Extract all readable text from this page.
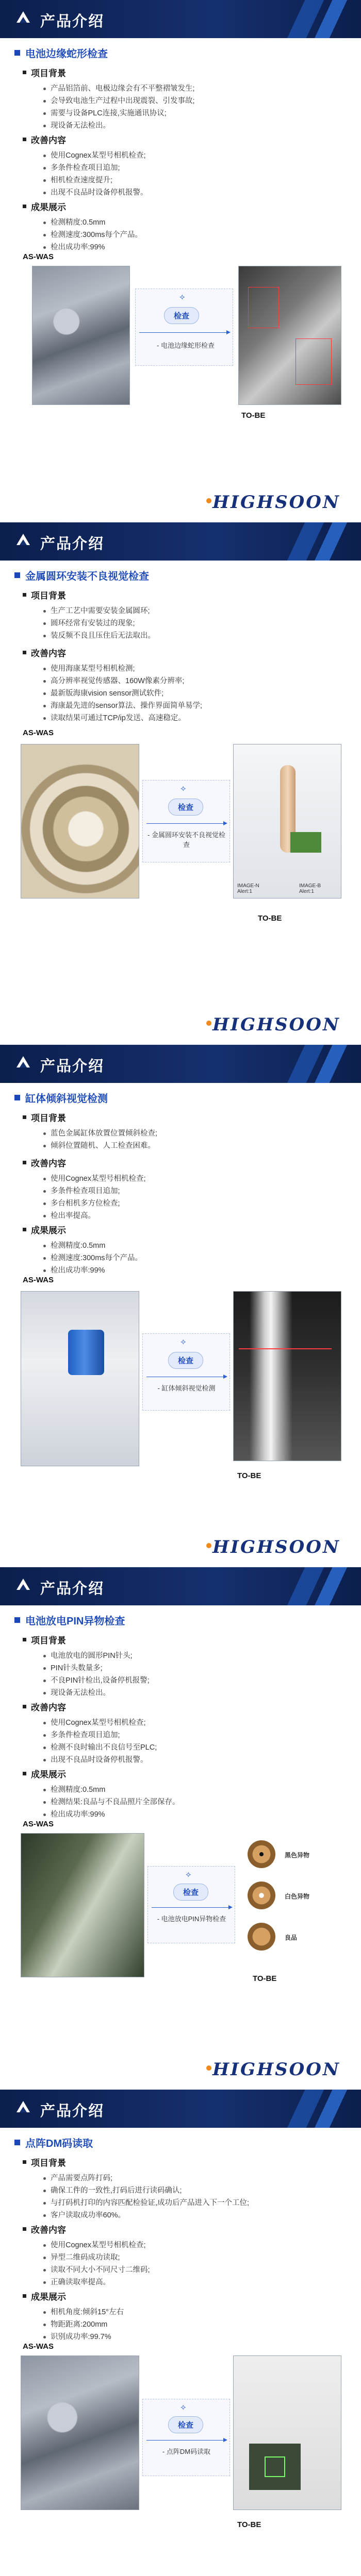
产品介绍
电池边缘蛇形检查
项目背景
产品铝箔前、电极边缘会有不平整褶皱发生;
会导致电池生产过程中出现震裂、引发事故;
需要与设备PLC连接,实施通讯协议;
现设备无法检出。
改善内容
使用Cognex某型号相机检查;
多条件检查项目追加;
相机检查速度提升;
出现不良品时设备停机报警。
成果展示
检测精度:0.5mm
检测速度:300ms每个产品。
检出成功率:99%
AS-WAS
⟡
检查
- 电池边缘蛇形检查
TO-BE
HIGHSOON
产品介绍
金属圆环安装不良视觉检查
项目背景
生产工艺中需要安装金属圆环;
圆环经常有安装过的现象;
装反频不良且压住后无法取出。
改善内容
使用海康某型号相机检测;
高分辨率视觉传感器、160W像素分辨率;
最新版海康vision sensor测试软件;
海康最先进的sensor算法、操作界面简单易学;
读取结果可通过TCP/ip发送、高速稳定。
AS-WAS
⟡
检查
- 金属圆环安装不良视觉检查
IMAGE-N
Alert:1
IMAGE-B
Alert:1
TO-BE
HIGHSOON
产品介绍
缸体倾斜视觉检测
项目背景
蓝色金属缸体放置位置倾斜检查;
倾斜位置随机、人工检查困难。
改善内容
使用Cognex某型号相机检查;
多条件检查项目追加;
多台相机多方位检查;
检出率提高。
成果展示
检测精度:0.5mm
检测速度:300ms每个产品。
检出成功率:99%
AS-WAS
⟡
检查
- 缸体倾斜视觉检测
TO-BE
HIGHSOON
产品介绍
电池放电PIN异物检查
项目背景
电池放电的圆形PIN针头;
PIN针头数量多;
不良PIN针检出,设备停机报警;
现设备无法检出。
改善内容
使用Cognex某型号相机检查;
多条件检查项目追加;
检测不良时输出不良信号至PLC;
出现不良品时设备停机报警。
成果展示
检测精度:0.5mm
检测结果:良品与不良品照片全部保存。
检出成功率:99%
AS-WAS
⟡
检查
- 电池放电PIN异物检查
黑色异物
白色异物
良品
TO-BE
HIGHSOON
产品介绍
点阵DM码读取
项目背景
产品需要点阵打码;
确保工件的一致性,打码后进行读码确认;
与打码机打印的内容匹配检验证,成功后产品进入下一个工位;
客户读取成功率60%。
改善内容
使用Cognex某型号相机检查;
异型二维码成功读取;
读取不同大小不同尺寸二维码;
正确读取率提高。
成果展示
相机角度:倾斜15°左右
物距距离:200mm
识别成功率:99.7%
AS-WAS
⟡
检查
- 点阵DM码读取
TO-BE
